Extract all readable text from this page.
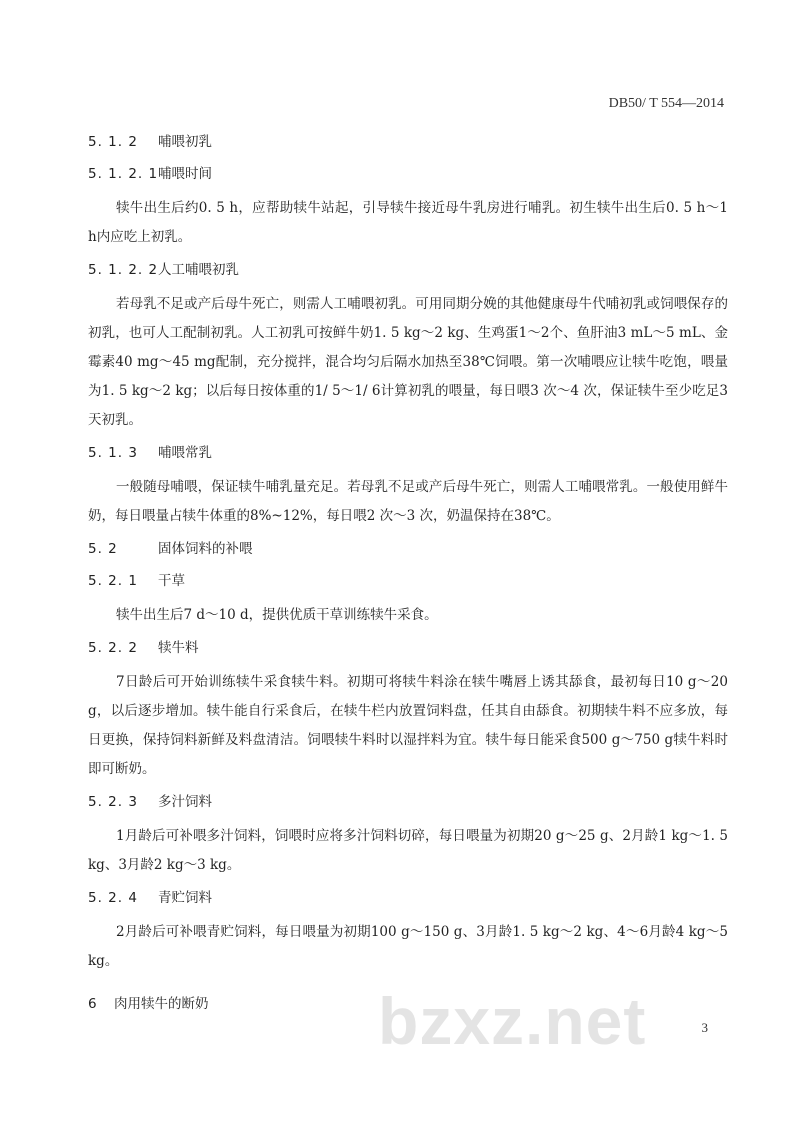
DB50/ T 554—2014
5. 1. 2 哺喂初乳
5. 1. 2. 1哺喂时间

犊牛出生后约0. 5 h，应帮助犊牛站起，引导犊牛接近母牛乳房进行哺乳。初生犊牛出生后0. 5 h～1 h内应吃上初乳。

5. 1. 2. 2人工哺喂初乳

若母乳不足或产后母牛死亡，则需人工哺喂初乳。可用同期分娩的其他健康母牛代哺初乳或饲喂保存的初乳，也可人工配制初乳。人工初乳可按鲜牛奶1. 5 kg～2 kg、生鸡蛋1～2个、鱼肝油3 mL～5 mL、金霉素40 mg～45 mg配制，充分搅拌，混合均匀后隔水加热至38℃饲喂。第一次哺喂应让犊牛吃饱，喂量为1. 5 kg～2 kg；以后每日按体重的1/ 5～1/ 6计算初乳的喂量，每日喂3 次～4 次，保证犊牛至少吃足3天初乳。

5. 1. 3 哺喂常乳

一般随母哺喂，保证犊牛哺乳量充足。若母乳不足或产后母牛死亡，则需人工哺喂常乳。一般使用鲜牛奶，每日喂量占犊牛体重的8%~12%，每日喂2 次～3 次，奶温保持在38℃。

5. 2	固体饲料的补喂
5. 2. 1 干草

犊牛出生后7 d～10 d，提供优质干草训练犊牛采食。

5. 2. 2 犊牛料

7日龄后可开始训练犊牛采食犊牛料。初期可将犊牛料涂在犊牛嘴唇上诱其舔食，最初每日10 g～20 g，以后逐步增加。犊牛能自行采食后，在犊牛栏内放置饲料盘，任其自由舔食。初期犊牛料不应多放，每日更换，保持饲料新鲜及料盘清洁。饲喂犊牛料时以湿拌料为宜。犊牛每日能采食500 g～750 g犊牛料时即可断奶。

5. 2. 3 多汁饲料

1月龄后可补喂多汁饲料，饲喂时应将多汁饲料切碎，每日喂量为初期20 g～25 g、2月龄1 kg～1. 5 kg、3月龄2 kg～3 kg。

5. 2. 4 青贮饲料

2月龄后可补喂青贮饲料，每日喂量为初期100 g～150 g、3月龄1. 5 kg～2 kg、4～6月龄4 kg～5 kg。

6 肉用犊牛的断奶	bzxz.net	3
